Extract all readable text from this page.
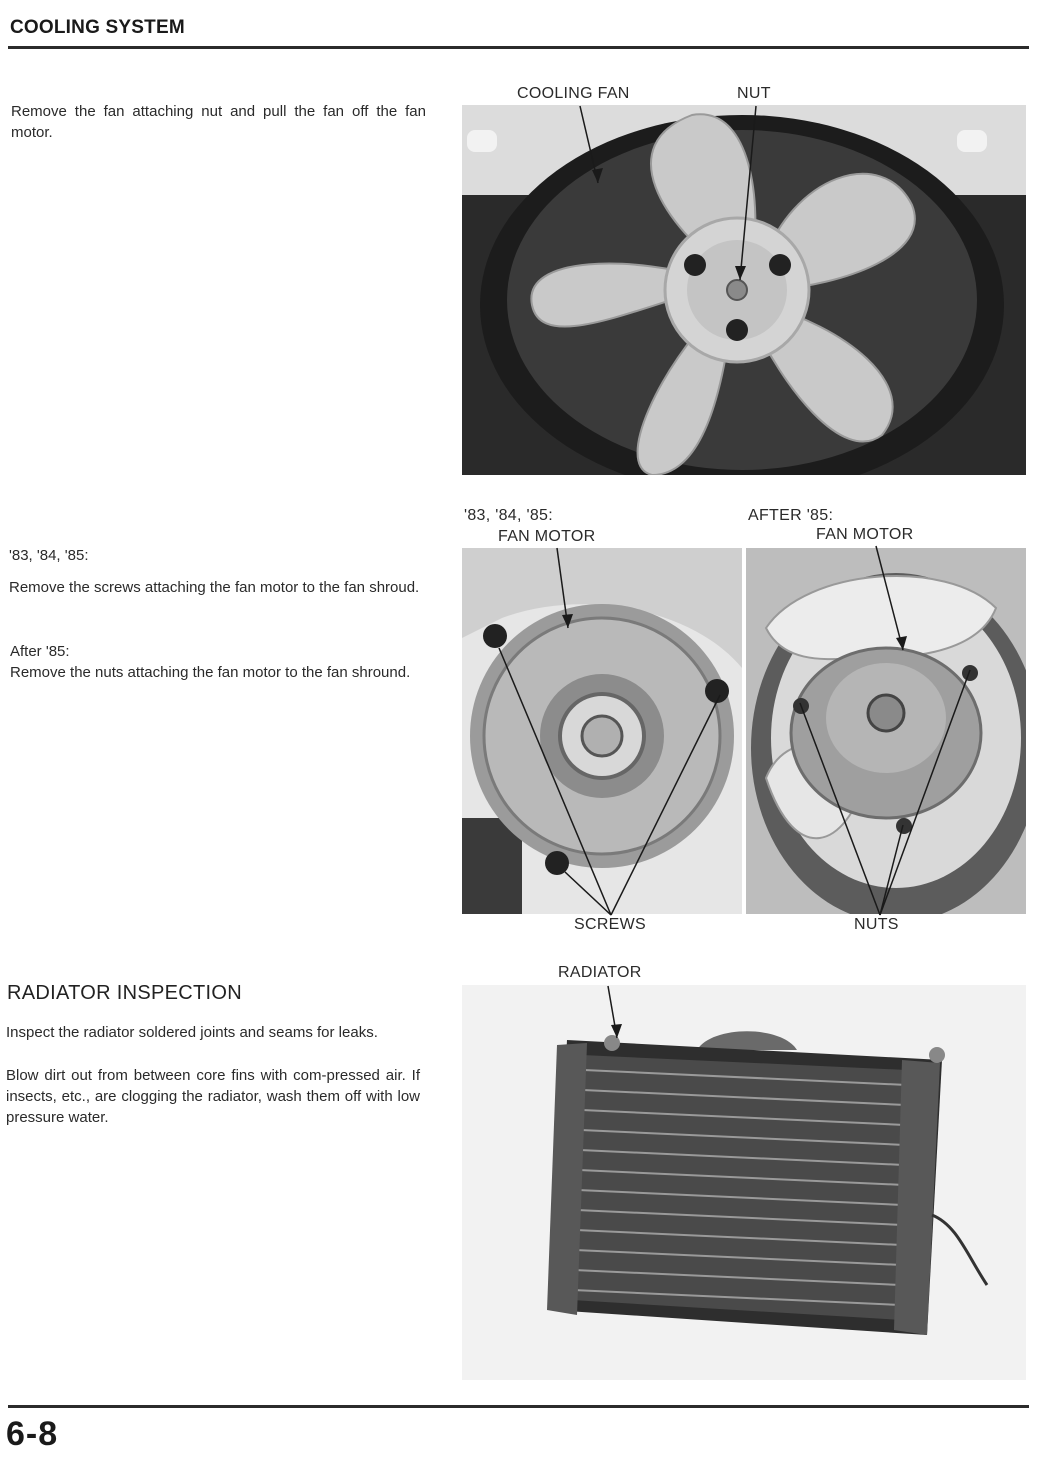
COOLING SYSTEM
Remove the fan attaching nut and pull the fan off the fan motor.
COOLING FAN	NUT
'83, '84, '85:
Remove the screws attaching the fan motor to the fan shroud.
After '85:
Remove the nuts attaching the fan motor to the fan shround.
'83, '84, '85:
FAN MOTOR
AFTER '85:
FAN MOTOR
SCREWS	NUTS
RADIATOR INSPECTION
Inspect the radiator soldered joints and seams for leaks.
Blow dirt out from between core fins with com-pressed air. If insects, etc., are clogging the radiator, wash them off with low pressure water.
RADIATOR
6-8
